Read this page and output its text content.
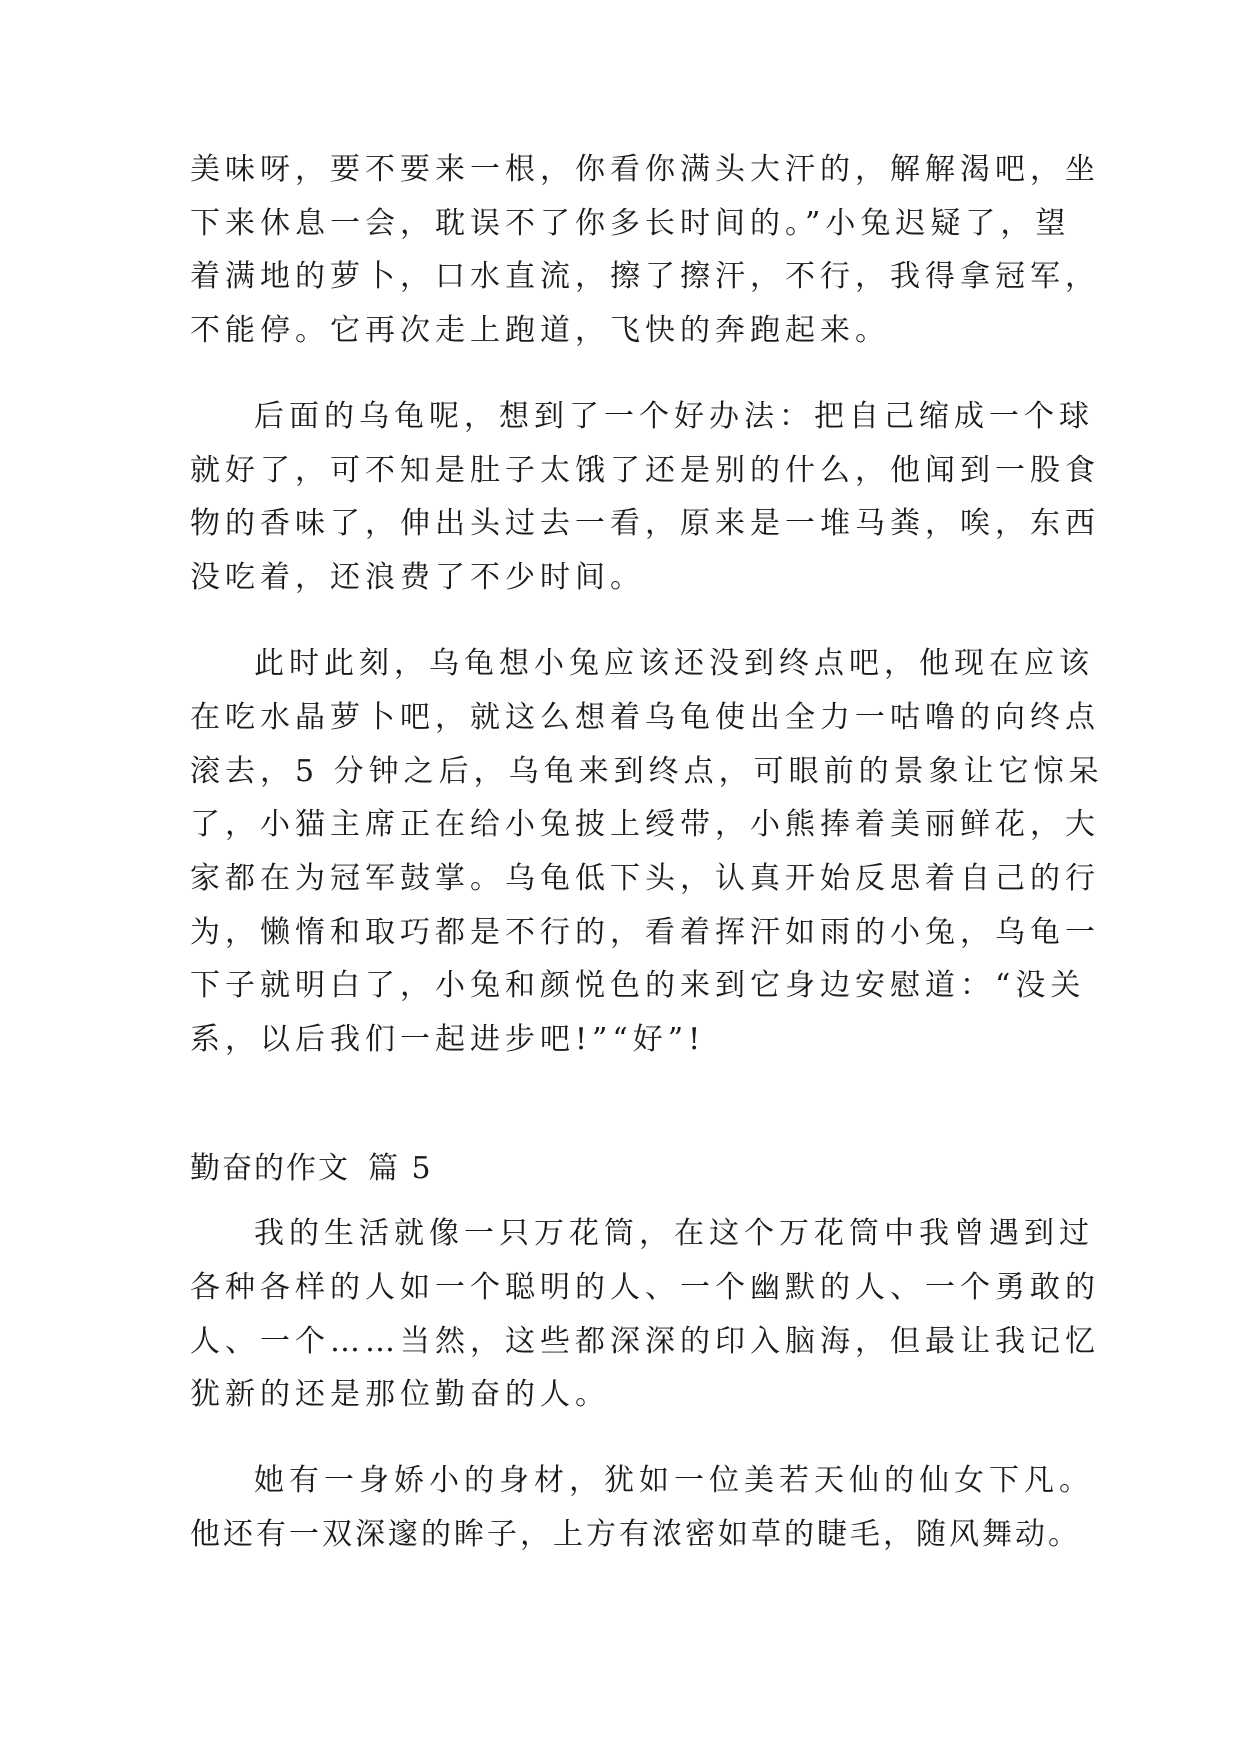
美味呀，要不要来一根，你看你满头大汗的，解解渴吧，坐
下来休息一会，耽误不了你多长时间的。”小兔迟疑了，望
着满地的萝卜，口水直流，擦了擦汗，不行，我得拿冠军，
不能停。它再次走上跑道，飞快的奔跑起来。
后面的乌龟呢，想到了一个好办法：把自己缩成一个球
就好了，可不知是肚子太饿了还是别的什么，他闻到一股食
物的香味了，伸出头过去一看，原来是一堆马粪，唉，东西
没吃着，还浪费了不少时间。
此时此刻，乌龟想小兔应该还没到终点吧，他现在应该
在吃水晶萝卜吧，就这么想着乌龟使出全力一咕噜的向终点
滚去，5 分钟之后，乌龟来到终点，可眼前的景象让它惊呆
了，小猫主席正在给小兔披上绶带，小熊捧着美丽鲜花，大
家都在为冠军鼓掌。乌龟低下头，认真开始反思着自己的行
为，懒惰和取巧都是不行的，看着挥汗如雨的小兔，乌龟一
下子就明白了，小兔和颜悦色的来到它身边安慰道：“没关
系，以后我们一起进步吧!”“好”!
勤奋的作文 篇 5
我的生活就像一只万花筒，在这个万花筒中我曾遇到过
各种各样的人如一个聪明的人、一个幽默的人、一个勇敢的
人、一个……当然，这些都深深的印入脑海，但最让我记忆
犹新的还是那位勤奋的人。
她有一身娇小的身材，犹如一位美若天仙的仙女下凡。
他还有一双深邃的眸子，上方有浓密如草的睫毛，随风舞动。
